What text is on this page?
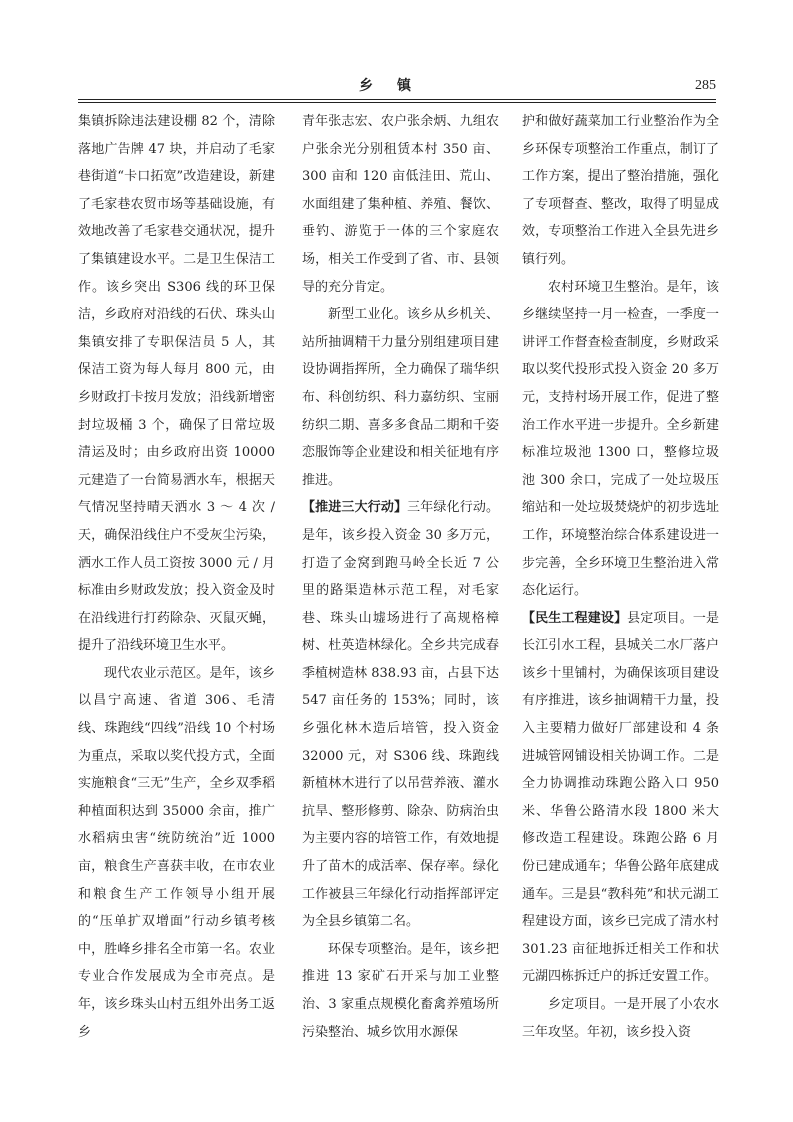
乡镇	285

集镇拆除违法建设棚 82 个，清除落地广告牌 47 块，并启动了毛家巷街道“卡口拓宽”改造建设，新建了毛家巷农贸市场等基础设施，有效地改善了毛家巷交通状况，提升了集镇建设水平。二是卫生保洁工作。该乡突出 S306 线的环卫保洁，乡政府对沿线的石伏、珠头山集镇安排了专职保洁员 5 人，其保洁工资为每人每月 800 元，由乡财政打卡按月发放；沿线新增密封垃圾桶 3 个，确保了日常垃圾清运及时；由乡政府出资 10000 元建造了一台简易洒水车，根据天气情况坚持晴天洒水 3 ～ 4 次 / 天，确保沿线住户不受灰尘污染，洒水工作人员工资按 3000 元 / 月标准由乡财政发放；投入资金及时在沿线进行打药除杂、灭鼠灭蝇，提升了沿线环境卫生水平。

现代农业示范区。是年，该乡以昌宁高速、省道 306、毛清线、珠跑线“四线”沿线 10 个村场为重点，采取以奖代投方式，全面实施粮食“三无”生产，全乡双季稻种植面积达到 35000 余亩，推广水稻病虫害“统防统治”近 1000 亩，粮食生产喜获丰收，在市农业和粮食生产工作领导小组开展的“压单扩双增面”行动乡镇考核中，胜峰乡排名全市第一名。农业专业合作发展成为全市亮点。是年，该乡珠头山村五组外出务工返乡

青年张志宏、农户张余炳、九组农户张余光分别租赁本村 350 亩、300 亩和 120 亩低洼田、荒山、水面组建了集种植、养殖、餐饮、垂钓、游览于一体的三个家庭农场，相关工作受到了省、市、县领导的充分肯定。

新型工业化。该乡从乡机关、站所抽调精干力量分别组建项目建设协调指挥所，全力确保了瑞华织布、科创纺织、科力嘉纺织、宝丽纺织二期、喜多多食品二期和千姿恋服饰等企业建设和相关征地有序推进。

【推进三大行动】三年绿化行动。是年，该乡投入资金 30 多万元，打造了金窝到跑马岭全长近 7 公里的路渠造林示范工程，对毛家巷、珠头山墟场进行了高规格樟树、杜英造林绿化。全乡共完成春季植树造林 838.93 亩，占县下达 547 亩任务的 153%；同时，该乡强化林木造后培管，投入资金 32000 元，对 S306 线、珠跑线新植林木进行了以吊营养液、灌水抗旱、整形修剪、除杂、防病治虫为主要内容的培管工作，有效地提升了苗木的成活率、保存率。绿化工作被县三年绿化行动指挥部评定为全县乡镇第二名。

环保专项整治。是年，该乡把推进 13 家矿石开采与加工业整治、3 家重点规模化畜禽养殖场所污染整治、城乡饮用水源保

护和做好蔬菜加工行业整治作为全乡环保专项整治工作重点，制订了工作方案，提出了整治措施，强化了专项督查、整改，取得了明显成效，专项整治工作进入全县先进乡镇行列。

农村环境卫生整治。是年，该乡继续坚持一月一检查，一季度一讲评工作督查检查制度，乡财政采取以奖代投形式投入资金 20 多万元，支持村场开展工作，促进了整治工作水平进一步提升。全乡新建标准垃圾池 1300 口，整修垃圾池 300 余口，完成了一处垃圾压缩站和一处垃圾焚烧炉的初步选址工作，环境整治综合体系建设进一步完善，全乡环境卫生整治进入常态化运行。

【民生工程建设】县定项目。一是长江引水工程，县城关二水厂落户该乡十里铺村，为确保该项目建设有序推进，该乡抽调精干力量，投入主要精力做好厂部建设和 4 条进城管网铺设相关协调工作。二是全力协调推动珠跑公路入口 950 米、华鲁公路清水段 1800 米大修改造工程建设。珠跑公路 6 月份已建成通车；华鲁公路年底建成通车。三是县“教科苑”和状元湖工程建设方面，该乡已完成了清水村 301.23 亩征地拆迁相关工作和状元湖四栋拆迁户的拆迁安置工作。

乡定项目。一是开展了小农水三年攻坚。年初，该乡投入资
